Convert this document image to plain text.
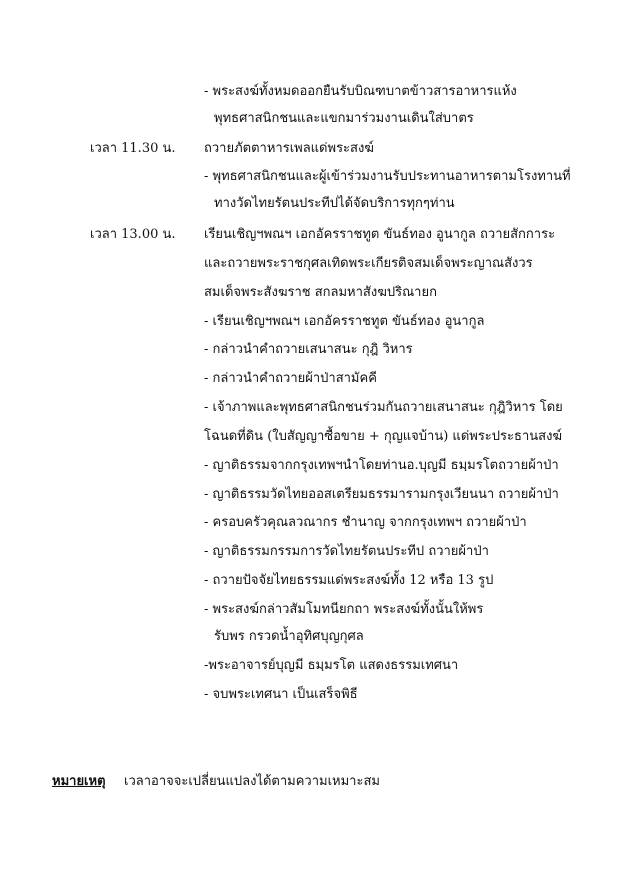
- พระสงฆ์ทั้งหมดออกยืนรับบิณฑบาตข้าวสารอาหารแห้ง
พุทธศาสนิกชนและแขกมาร่วมงานเดินใส่บาตร
เวลา 11.30 น. ถวายภัตตาหารเพลแด่พระสงฆ์
- พุทธศาสนิกชนและผู้เข้าร่วมงานรับประทานอาหารตามโรงทานที่
ทางวัดไทยรัตนประทีปได้จัดบริการทุกๆท่าน
เวลา 13.00 น. เรียนเชิญฯพณฯ เอกอัครราชทูต ขันธ์ทอง อูนากูล ถวายสักการะ
และถวายพระราชกุศลเทิดพระเกียรติจสมเด็จพระญาณสังวร
สมเด็จพระสังฆราช สกลมหาสังฆปริณายก
- เรียนเชิญฯพณฯ เอกอัครราชทูต ขันธ์ทอง อูนากูล
- กล่าวนำคำถวายเสนาสนะ กุฎิ วิหาร
- กล่าวนำคำถวายผ้าป่าสามัคคี
- เจ้าภาพและพุทธศาสนิกชนร่วมกันถวายเสนาสนะ กุฎิวิหาร โดย
โฉนดที่ดิน (ใบสัญญาซื้อขาย + กุญแจบ้าน) แด่พระประธานสงฆ์
- ญาติธรรมจากกรุงเทพฯนำโดยท่านอ.บุญมี ธมฺมรโตถวายผ้าป่า
- ญาติธรรมวัดไทยออสเตรียมธรรมารามกรุงเวียนนา ถวายผ้าป่า
- ครอบครัวคุณลวณากร ชำนาญ จากกรุงเทพฯ ถวายผ้าป่า
- ญาติธรรมกรรมการวัดไทยรัตนประทีป ถวายผ้าป่า
- ถวายปัจจัยไทยธรรมแด่พระสงฆ์ทั้ง 12 หรือ 13 รูป
- พระสงฆ์กล่าวสัมโมทนียกถา พระสงฆ์ทั้งนั้นให้พร
รับพร กรวดน้ำอุทิศบุญกุศล
-พระอาจารย์บุญมี ธมฺมรโต แสดงธรรมเทศนา
- จบพระเทศนา เป็นเสร็จพิธี
หมายเหตุ เวลาอาจจะเปลี่ยนแปลงได้ตามความเหมาะสม
